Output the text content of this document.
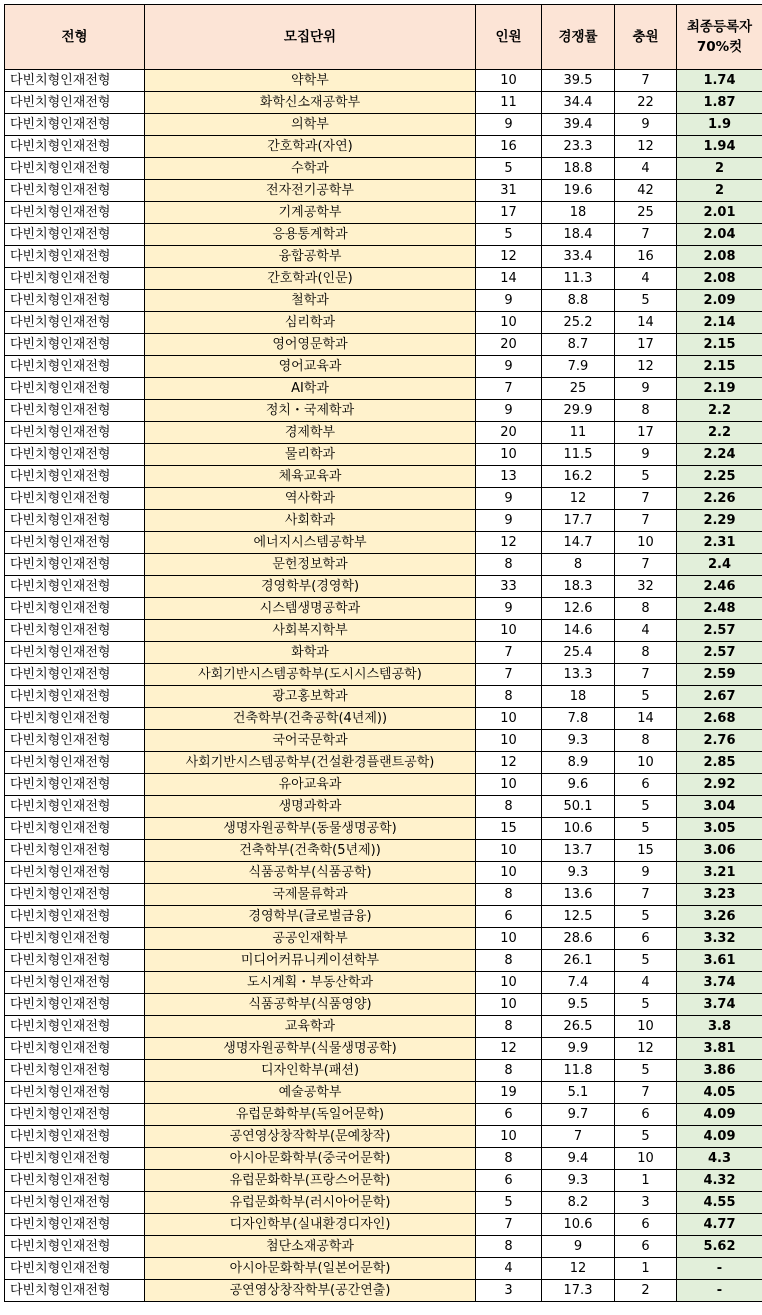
전형	모집단위	인원	경쟁률	충원	최종등록자
70%컷
다빈치형인재전형	약학부	10	39.5	7	1.74
다빈치형인재전형	화학신소재공학부	11	34.4	22	1.87
다빈치형인재전형	의학부	9	39.4	9	1.9
다빈치형인재전형	간호학과(자연)	16	23.3	12	1.94
다빈치형인재전형	수학과	5	18.8	4	2
다빈치형인재전형	전자전기공학부	31	19.6	42	2
다빈치형인재전형	기계공학부	17	18	25	2.01
다빈치형인재전형	응용통계학과	5	18.4	7	2.04
다빈치형인재전형	융합공학부	12	33.4	16	2.08
다빈치형인재전형	간호학과(인문)	14	11.3	4	2.08
다빈치형인재전형	철학과	9	8.8	5	2.09
다빈치형인재전형	심리학과	10	25.2	14	2.14
다빈치형인재전형	영어영문학과	20	8.7	17	2.15
다빈치형인재전형	영어교육과	9	7.9	12	2.15
다빈치형인재전형	AI학과	7	25	9	2.19
다빈치형인재전형	정치・국제학과	9	29.9	8	2.2
다빈치형인재전형	경제학부	20	11	17	2.2
다빈치형인재전형	물리학과	10	11.5	9	2.24
다빈치형인재전형	체육교육과	13	16.2	5	2.25
다빈치형인재전형	역사학과	9	12	7	2.26
다빈치형인재전형	사회학과	9	17.7	7	2.29
다빈치형인재전형	에너지시스템공학부	12	14.7	10	2.31
다빈치형인재전형	문헌정보학과	8	8	7	2.4
다빈치형인재전형	경영학부(경영학)	33	18.3	32	2.46
다빈치형인재전형	시스템생명공학과	9	12.6	8	2.48
다빈치형인재전형	사회복지학부	10	14.6	4	2.57
다빈치형인재전형	화학과	7	25.4	8	2.57
다빈치형인재전형	사회기반시스템공학부(도시시스템공학)	7	13.3	7	2.59
다빈치형인재전형	광고홍보학과	8	18	5	2.67
다빈치형인재전형	건축학부(건축공학(4년제))	10	7.8	14	2.68
다빈치형인재전형	국어국문학과	10	9.3	8	2.76
다빈치형인재전형	사회기반시스템공학부(건설환경플랜트공학)	12	8.9	10	2.85
다빈치형인재전형	유아교육과	10	9.6	6	2.92
다빈치형인재전형	생명과학과	8	50.1	5	3.04
다빈치형인재전형	생명자원공학부(동물생명공학)	15	10.6	5	3.05
다빈치형인재전형	건축학부(건축학(5년제))	10	13.7	15	3.06
다빈치형인재전형	식품공학부(식품공학)	10	9.3	9	3.21
다빈치형인재전형	국제물류학과	8	13.6	7	3.23
다빈치형인재전형	경영학부(글로벌금융)	6	12.5	5	3.26
다빈치형인재전형	공공인재학부	10	28.6	6	3.32
다빈치형인재전형	미디어커뮤니케이션학부	8	26.1	5	3.61
다빈치형인재전형	도시계획・부동산학과	10	7.4	4	3.74
다빈치형인재전형	식품공학부(식품영양)	10	9.5	5	3.74
다빈치형인재전형	교육학과	8	26.5	10	3.8
다빈치형인재전형	생명자원공학부(식물생명공학)	12	9.9	12	3.81
다빈치형인재전형	디자인학부(패션)	8	11.8	5	3.86
다빈치형인재전형	예술공학부	19	5.1	7	4.05
다빈치형인재전형	유럽문화학부(독일어문학)	6	9.7	6	4.09
다빈치형인재전형	공연영상창작학부(문예창작)	10	7	5	4.09
다빈치형인재전형	아시아문화학부(중국어문학)	8	9.4	10	4.3
다빈치형인재전형	유럽문화학부(프랑스어문학)	6	9.3	1	4.32
다빈치형인재전형	유럽문화학부(러시아어문학)	5	8.2	3	4.55
다빈치형인재전형	디자인학부(실내환경디자인)	7	10.6	6	4.77
다빈치형인재전형	첨단소재공학과	8	9	6	5.62
다빈치형인재전형	아시아문화학부(일본어문학)	4	12	1	-
다빈치형인재전형	공연영상창작학부(공간연출)	3	17.3	2	-
